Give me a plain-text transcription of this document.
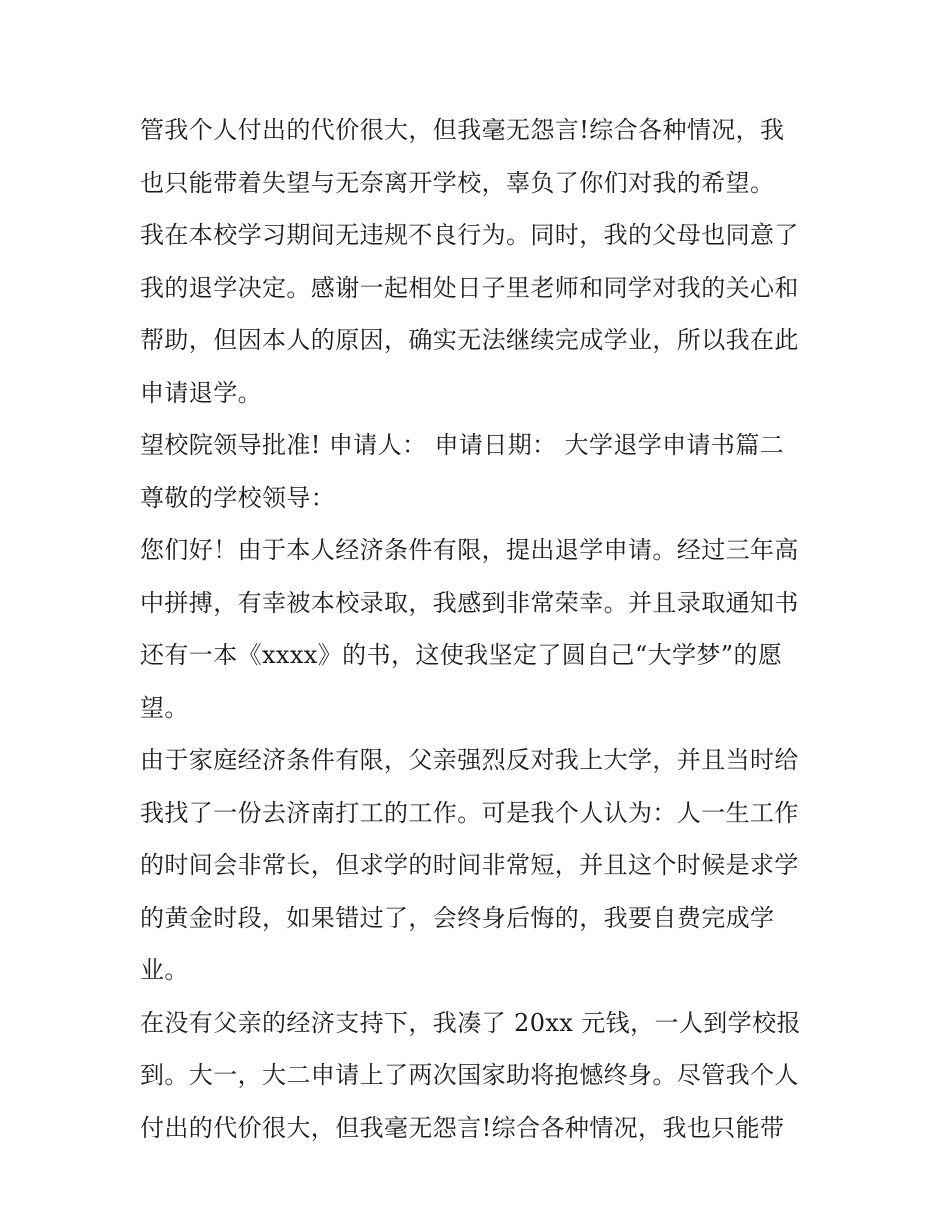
管我个人付出的代价很大，但我毫无怨言!综合各种情况，我
也只能带着失望与无奈离开学校，辜负了你们对我的希望。
我在本校学习期间无违规不良行为。同时，我的父母也同意了
我的退学决定。感谢一起相处日子里老师和同学对我的关心和
帮助，但因本人的原因，确实无法继续完成学业，所以我在此
申请退学。
望校院领导批准! 申请人： 申请日期： 大学退学申请书篇二
尊敬的学校领导：
您们好！由于本人经济条件有限，提出退学申请。经过三年高
中拼搏，有幸被本校录取，我感到非常荣幸。并且录取通知书
还有一本《xxxx》的书，这使我坚定了圆自己“大学梦”的愿
望。
由于家庭经济条件有限，父亲强烈反对我上大学，并且当时给
我找了一份去济南打工的工作。可是我个人认为：人一生工作
的时间会非常长，但求学的时间非常短，并且这个时候是求学
的黄金时段，如果错过了，会终身后悔的，我要自费完成学
业。
在没有父亲的经济支持下，我凑了 20xx 元钱，一人到学校报
到。大一，大二申请上了两次国家助将抱憾终身。尽管我个人
付出的代价很大，但我毫无怨言!综合各种情况，我也只能带
